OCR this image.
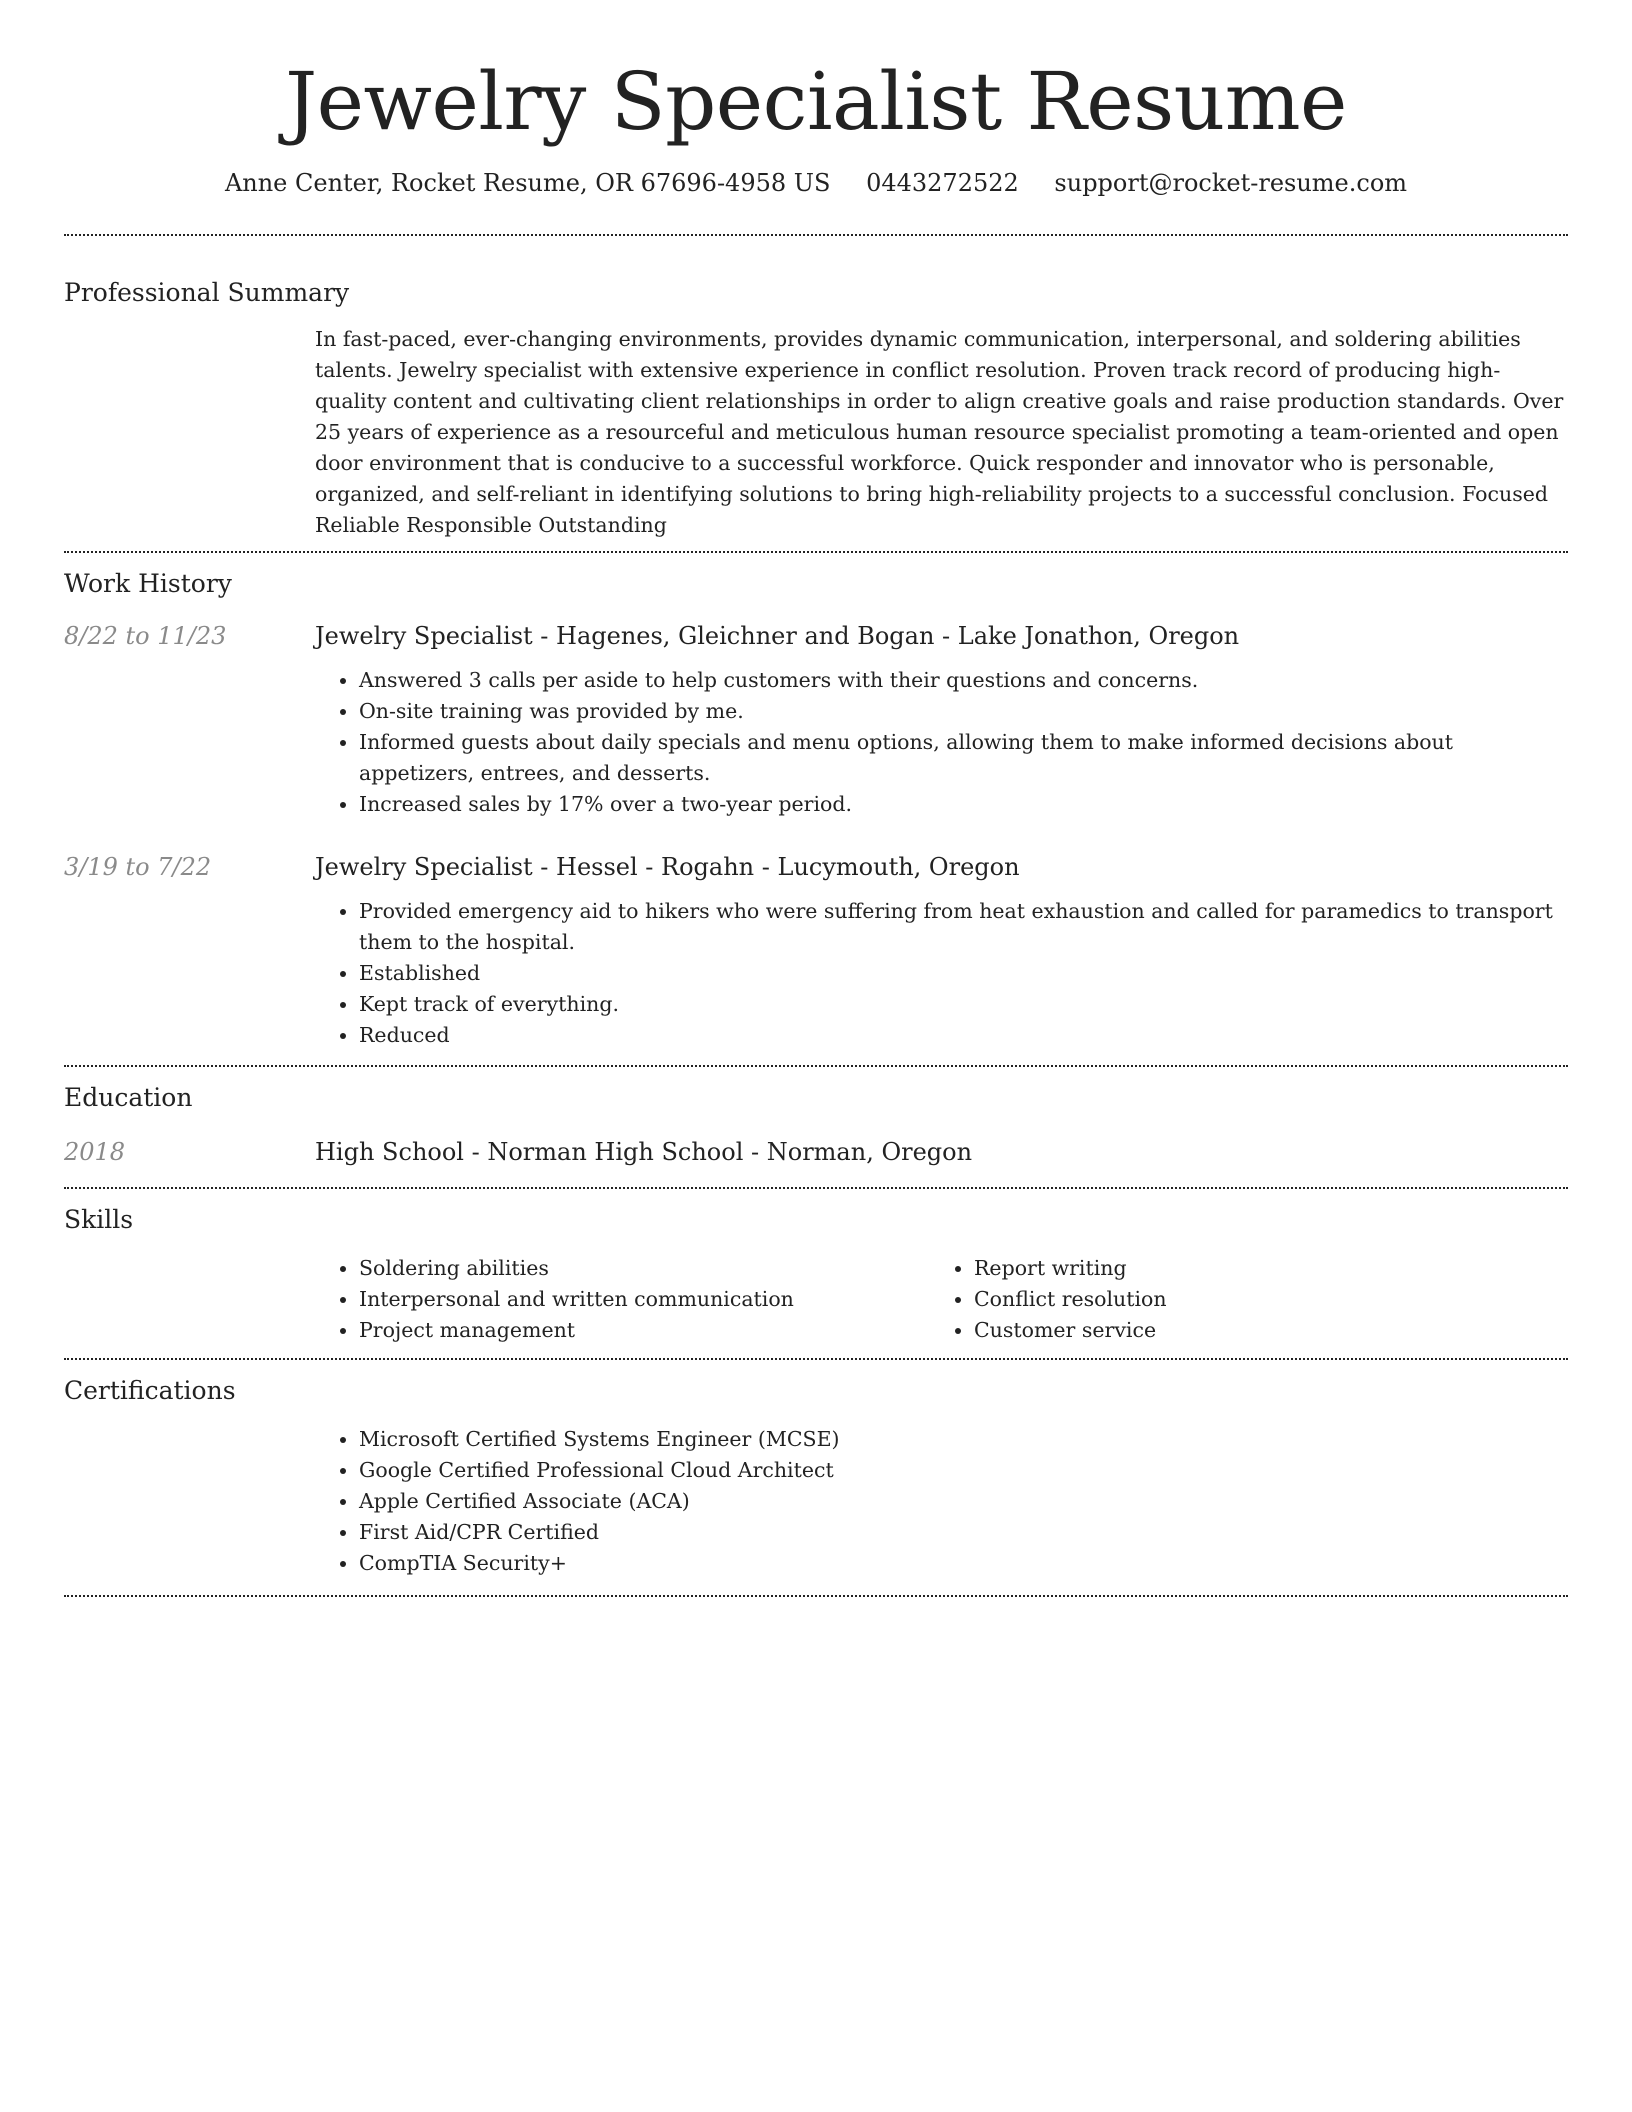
Jewelry Specialist Resume
Anne Center, Rocket Resume, OR 67696-4958 US 0443272522 support@rocket-resume.com
Professional Summary

In fast-paced, ever-changing environments, provides dynamic communication, interpersonal, and soldering abilities talents. Jewelry specialist with extensive experience in conflict resolution. Proven track record of producing high-quality content and cultivating client relationships in order to align creative goals and raise production standards. Over 25 years of experience as a resourceful and meticulous human resource specialist promoting a team-oriented and open door environment that is conducive to a successful workforce. Quick responder and innovator who is personable, organized, and self-reliant in identifying solutions to bring high-reliability projects to a successful conclusion. Focused Reliable Responsible Outstanding

Work History
8/22 to 11/23	Jewelry Specialist - Hagenes, Gleichner and Bogan - Lake Jonathon, Oregon
• Answered 3 calls per aside to help customers with their questions and concerns.
• On-site training was provided by me.
• Informed guests about daily specials and menu options, allowing them to make informed decisions about appetizers, entrees, and desserts.
• Increased sales by 17% over a two-year period.
3/19 to 7/22	Jewelry Specialist - Hessel - Rogahn - Lucymouth, Oregon
• Provided emergency aid to hikers who were suffering from heat exhaustion and called for paramedics to transport them to the hospital.
• Established
• Kept track of everything.
• Reduced
Education
2018	High School - Norman High School - Norman, Oregon
Skills
• Soldering abilities
• Interpersonal and written communication
• Project management
• Report writing
• Conflict resolution
• Customer service
Certifications
• Microsoft Certified Systems Engineer (MCSE)
• Google Certified Professional Cloud Architect
• Apple Certified Associate (ACA)
• First Aid/CPR Certified
• CompTIA Security+
